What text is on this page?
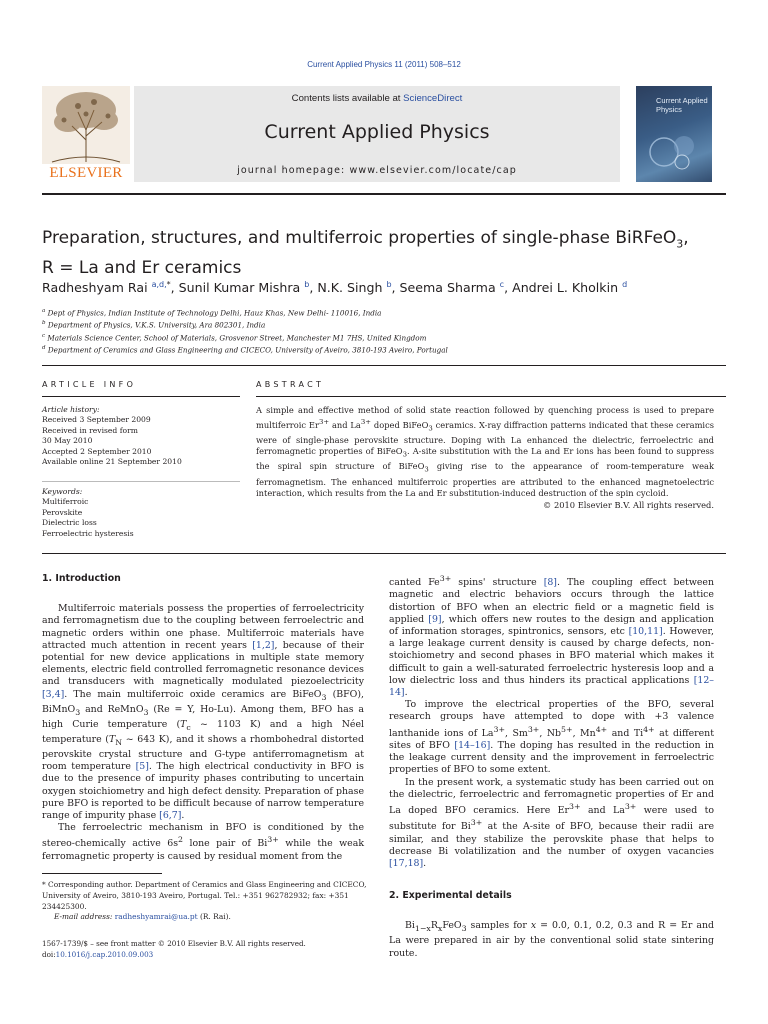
Current Applied Physics 11 (2011) 508–512
Contents lists available at ScienceDirect
Current Applied Physics
journal homepage: www.elsevier.com/locate/cap
ELSEVIER
Current Applied Physics
Preparation, structures, and multiferroic properties of single-phase BiRFeO$_3$,
R = La and Er ceramics
Radheshyam Rai $^{a,d,*}$, Sunil Kumar Mishra $^b$, N.K. Singh $^b$, Seema Sharma $^c$, Andrei L. Kholkin $^d$
$^a$ Dept of Physics, Indian Institute of Technology Delhi, Hauz Khas, New Delhi- 110016, India
$^b$ Department of Physics, V.K.S. University, Ara 802301, India
$^c$ Materials Science Center, School of Materials, Grosvenor Street, Manchester M1 7HS, United Kingdom
$^d$ Department of Ceramics and Glass Engineering and CICECO, University of Aveiro, 3810-193 Aveiro, Portugal
ARTICLE INFO	ABSTRACT
Article history:
Received 3 September 2009
Received in revised form
30 May 2010
Accepted 2 September 2010
Available online 21 September 2010
Keywords:
Multiferroic
Perovskite
Dielectric loss
Ferroelectric hysteresis

A simple and effective method of solid state reaction followed by quenching process is used to prepare multiferroic $Er^{3+}$ and $La^{3+}$ doped BiFeO$_3$ ceramics. X-ray diffraction patterns indicated that these ceramics were of single-phase perovskite structure. Doping with La enhanced the dielectric, ferroelectric and ferromagnetic properties of BiFeO$_3$. A-site substitution with the La and Er ions has been found to suppress the spiral spin structure of BiFeO$_3$ giving rise to the appearance of room-temperature weak ferromagnetism. The enhanced multiferroic properties are attributed to the enhanced magnetoelectric interaction, which results from the La and Er substitution-induced destruction of the spin cycloid.

© 2010 Elsevier B.V. All rights reserved.

1. Introduction

Multiferroic materials possess the properties of ferroelectricity and ferromagnetism due to the coupling between ferroelectric and magnetic orders within one phase. Multiferroic materials have attracted much attention in recent years [1,2], because of their potential for new device applications in multiple state memory elements, electric field controlled ferromagnetic resonance devices and transducers with magnetically modulated piezoelectricity [3,4]. The main multiferroic oxide ceramics are BiFeO$_3$ (BFO), BiMnO$_3$ and ReMnO$_3$ (Re = Y, Ho-Lu). Among them, BFO has a high Curie temperature ($T_c$ ~ 1103 K) and a high Néel temperature ($T_N$ ~ 643 K), and it shows a rhombohedral distorted perovskite crystal structure and G-type antiferromagnetism at room temperature [5]. The high electrical conductivity in BFO is due to the presence of impurity phases contributing to uncertain oxygen stoichiometry and high defect density. Preparation of phase pure BFO is reported to be difficult because of narrow temperature range of impurity phase [6,7].

The ferroelectric mechanism in BFO is conditioned by the stereo-chemically active $6s^2$ lone pair of $Bi^{3+}$ while the weak ferromagnetic property is caused by residual moment from the

canted $Fe^{3+}$ spins' structure [8]. The coupling effect between magnetic and electric behaviors occurs through the lattice distortion of BFO when an electric field or a magnetic field is applied [9], which offers new routes to the design and application of information storages, spintronics, sensors, etc [10,11]. However, a large leakage current density is caused by charge defects, non-stoichiometry and second phases in BFO material which makes it difficult to gain a well-saturated ferroelectric hysteresis loop and a low dielectric loss and thus hinders its practical applications [12–14].

To improve the electrical properties of the BFO, several research groups have attempted to dope with +3 valence lanthanide ions of $La^{3+}$, $Sm^{3+}$, $Nb^{5+}$, $Mn^{4+}$ and $Ti^{4+}$ at different sites of BFO [14–16]. The doping has resulted in the reduction in the leakage current density and the improvement in ferroelectric properties of BFO to some extent.

In the present work, a systematic study has been carried out on the dielectric, ferroelectric and ferromagnetic properties of Er and La doped BFO ceramics. Here $Er^{3+}$ and $La^{3+}$ were used to substitute for $Bi^{3+}$ at the A-site of BFO, because their radii are similar, and they stabilize the perovskite phase that helps to decrease Bi volatilization and the number of oxygen vacancies [17,18].

2. Experimental details

$Bi_{1-x}R_xFeO_3$ samples for x = 0.0, 0.1, 0.2, 0.3 and R = Er and La were prepared in air by the conventional solid state sintering route.

* Corresponding author. Department of Ceramics and Glass Engineering and CICECO, University of Aveiro, 3810-193 Aveiro, Portugal. Tel.: +351 962782932; fax: +351 234425300.

E-mail address: radheshyamrai@ua.pt (R. Rai).

1567-1739/$ – see front matter © 2010 Elsevier B.V. All rights reserved.

doi:10.1016/j.cap.2010.09.003
